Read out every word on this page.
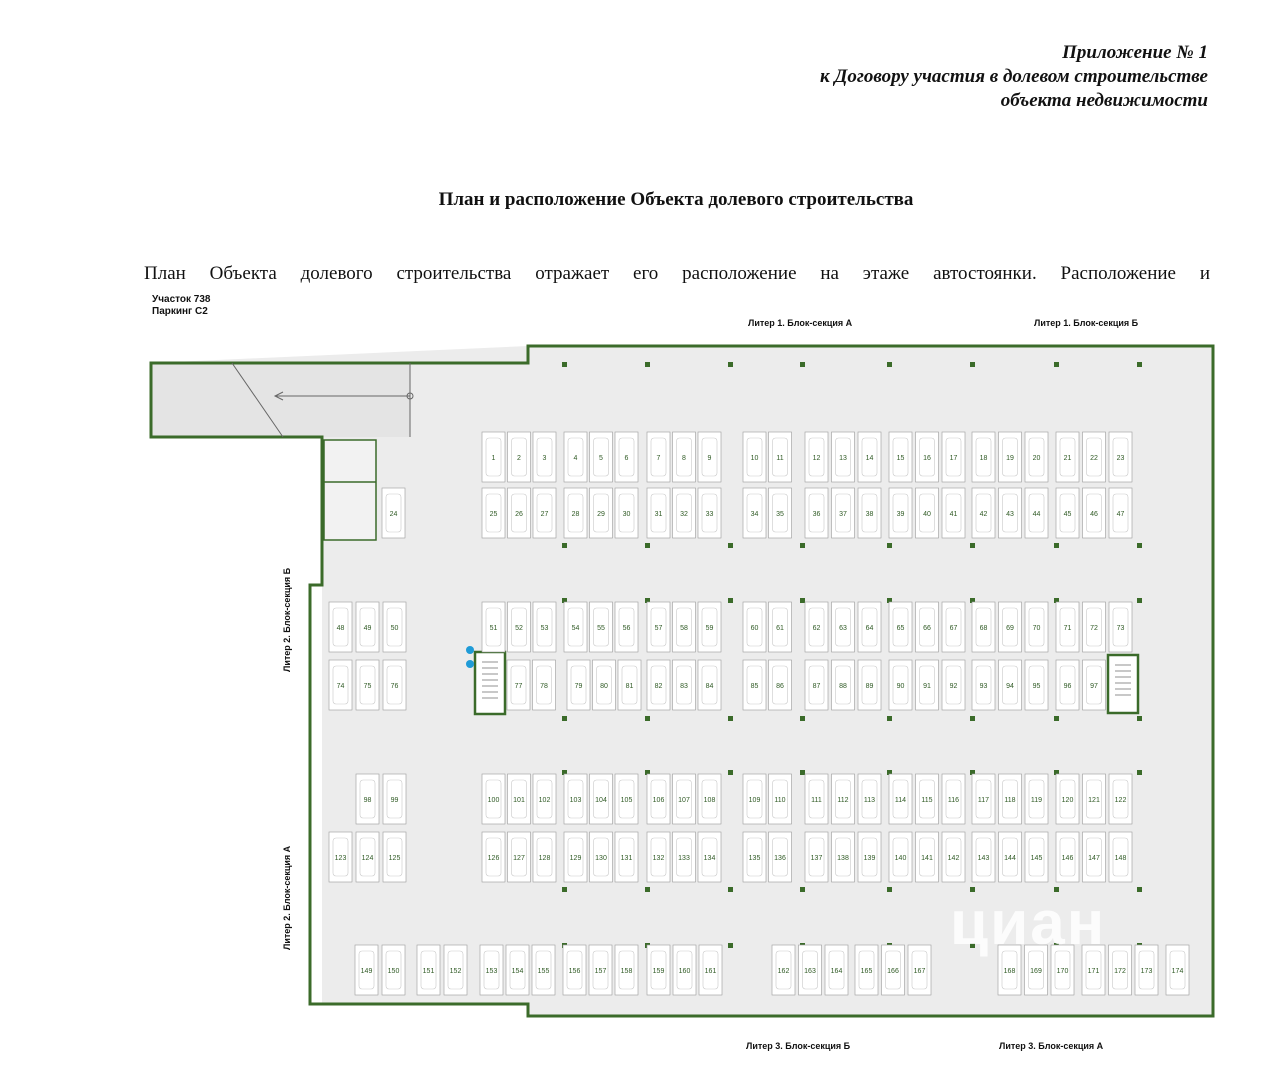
Приложение № 1
к Договору участия в долевом строительстве
объекта недвижимости
План и расположение Объекта долевого строительства
План Объекта долевого строительства отражает его расположение на этаже автостоянки. Расположение и
Участок 738
Паркинг С2
1	2	3	4	5	6	7	8	9	10	11	12	13	14	15	16	17	18	19	20	21	22	23
24	25	26	27	28	29	30	31	32	33	34	35	36	37	38	39	40	41	42	43	44	45	46	47
48	49	50	51	52	53	54	55	56	57	58	59	60	61	62	63	64	65	66	67	68	69	70	71	72	73
74	75	76	77	78	79	80	81	82	83	84	85	86	87	88	89	90	91	92	93	94	95	96	97
98	99	100 101 102	103 104 105	106 107 108	109 110	111 112 113	114 115 116	117 118 119	120 121 122
123 124 125	126 127 128	129 130 131	132 133 134	135 136	137 138 139	140 141 142	143 144 145	146 147 148
149 150	151 152	153 154 155	156 157 158	159 160 161	162 163 164	165 166 167	168 169 170	171 172 173	174
Литер 1. Блок-секция А	Литер 1. Блок-секция Б
Литер 3. Блок-секция Б	Литер 3. Блок-секция А
Литер 2. Блок-секция Б
Литер 2. Блок-секция А	циан
